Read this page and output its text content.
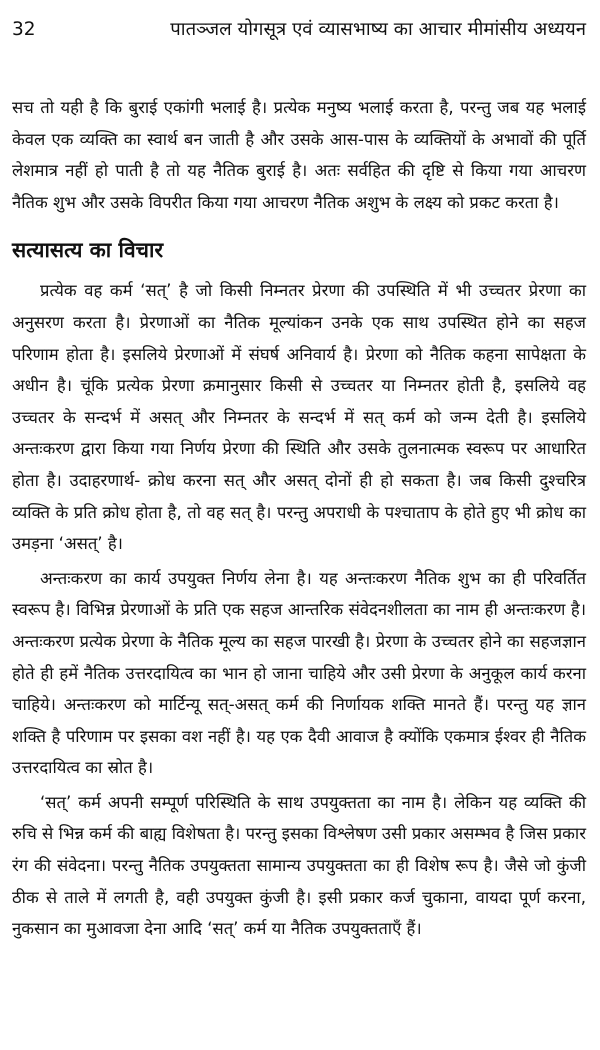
32	पातञ्जल योगसूत्र एवं व्यासभाष्य का आचार मीमांसीय अध्ययन

सच तो यही है कि बुराई एकांगी भलाई है। प्रत्येक मनुष्य भलाई करता है, परन्तु जब यह भलाई केवल एक व्यक्ति का स्वार्थ बन जाती है और उसके आस-पास के व्यक्तियों के अभावों की पूर्ति लेशमात्र नहीं हो पाती है तो यह नैतिक बुराई है। अतः सर्वहित की दृष्टि से किया गया आचरण नैतिक शुभ और उसके विपरीत किया गया आचरण नैतिक अशुभ के लक्ष्य को प्रकट करता है।

सत्यासत्य का विचार

प्रत्येक वह कर्म ‘सत्’ है जो किसी निम्नतर प्रेरणा की उपस्थिति में भी उच्चतर प्रेरणा का अनुसरण करता है। प्रेरणाओं का नैतिक मूल्यांकन उनके एक साथ उपस्थित होने का सहज परिणाम होता है। इसलिये प्रेरणाओं में संघर्ष अनिवार्य है। प्रेरणा को नैतिक कहना सापेक्षता के अधीन है। चूंकि प्रत्येक प्रेरणा क्रमानुसार किसी से उच्चतर या निम्नतर होती है, इसलिये वह उच्चतर के सन्दर्भ में असत् और निम्नतर के सन्दर्भ में सत् कर्म को जन्म देती है। इसलिये अन्तःकरण द्वारा किया गया निर्णय प्रेरणा की स्थिति और उसके तुलनात्मक स्वरूप पर आधारित होता है। उदाहरणार्थ- क्रोध करना सत् और असत् दोनों ही हो सकता है। जब किसी दुश्चरित्र व्यक्ति के प्रति क्रोध होता है, तो वह सत् है। परन्तु अपराधी के पश्चाताप के होते हुए भी क्रोध का उमड़ना ‘असत्’ है।

अन्तःकरण का कार्य उपयुक्त निर्णय लेना है। यह अन्तःकरण नैतिक शुभ का ही परिवर्तित स्वरूप है। विभिन्न प्रेरणाओं के प्रति एक सहज आन्तरिक संवेदनशीलता का नाम ही अन्तःकरण है। अन्तःकरण प्रत्येक प्रेरणा के नैतिक मूल्य का सहज पारखी है। प्रेरणा के उच्चतर होने का सहजज्ञान होते ही हमें नैतिक उत्तरदायित्व का भान हो जाना चाहिये और उसी प्रेरणा के अनुकूल कार्य करना चाहिये। अन्तःकरण को मार्टिन्यू सत्-असत् कर्म की निर्णायक शक्ति मानते हैं। परन्तु यह ज्ञान शक्ति है परिणाम पर इसका वश नहीं है। यह एक दैवी आवाज है क्योंकि एकमात्र ईश्वर ही नैतिक उत्तरदायित्व का स्रोत है।

‘सत्’ कर्म अपनी सम्पूर्ण परिस्थिति के साथ उपयुक्तता का नाम है। लेकिन यह व्यक्ति की रुचि से भिन्न कर्म की बाह्य विशेषता है। परन्तु इसका विश्लेषण उसी प्रकार असम्भव है जिस प्रकार रंग की संवेदना। परन्तु नैतिक उपयुक्तता सामान्य उपयुक्तता का ही विशेष रूप है। जैसे जो कुंजी ठीक से ताले में लगती है, वही उपयुक्त कुंजी है। इसी प्रकार कर्ज चुकाना, वायदा पूर्ण करना, नुकसान का मुआवजा देना आदि ‘सत्’ कर्म या नैतिक उपयुक्तताएँ हैं।
